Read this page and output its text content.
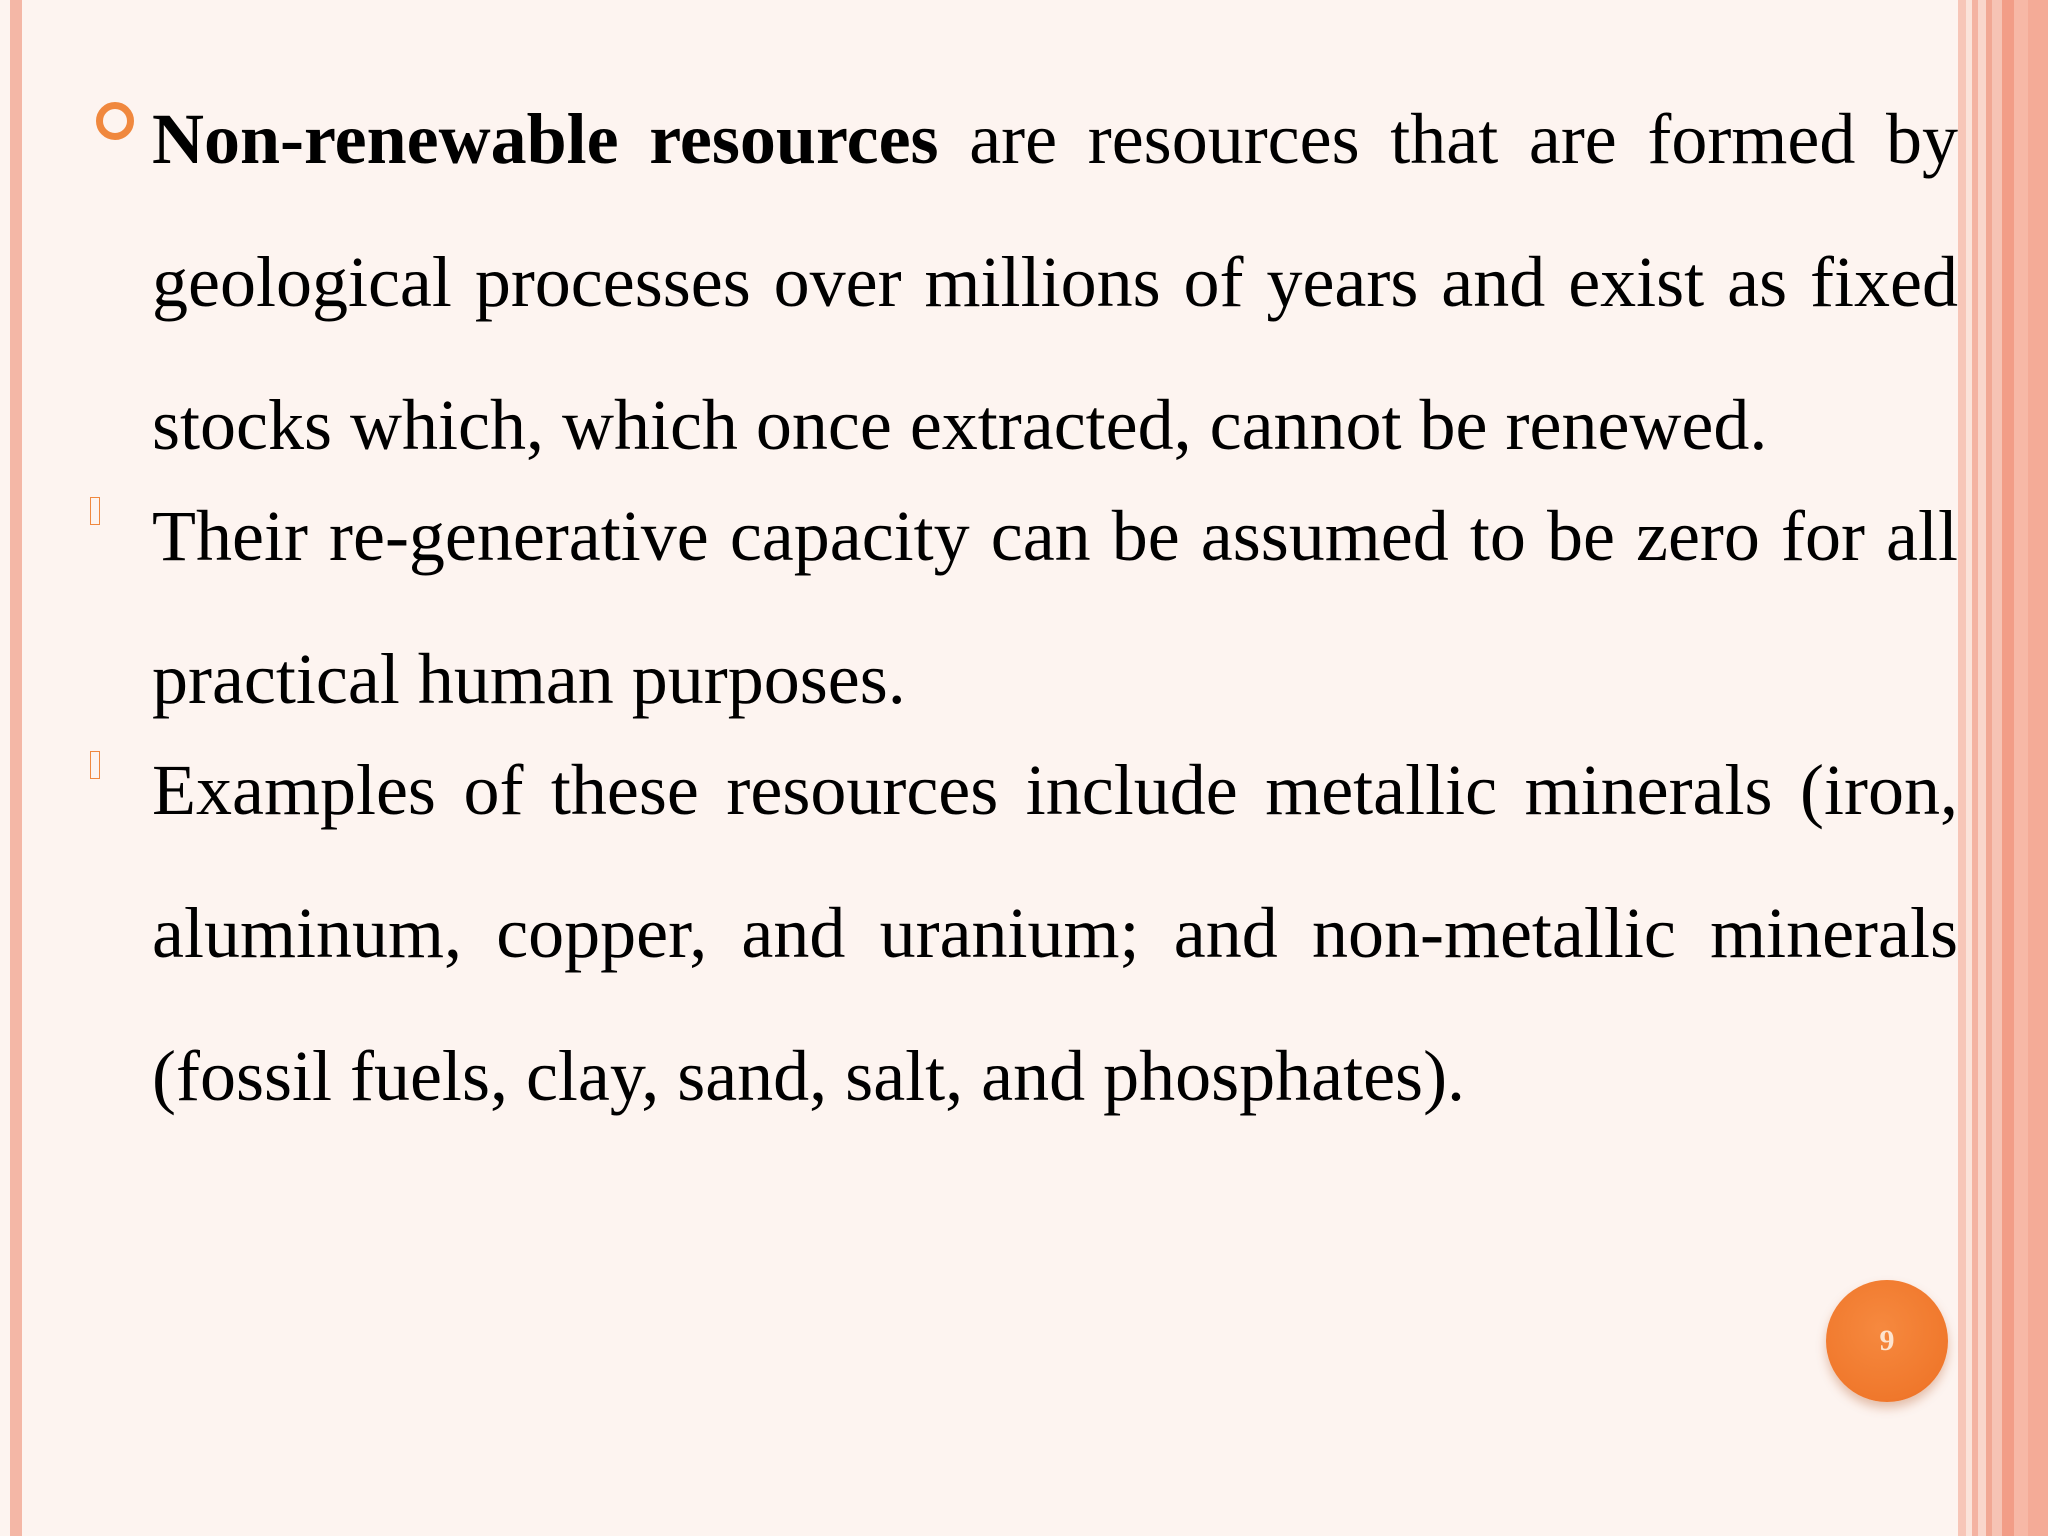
Non-renewable resources are resources that are formed by geological processes over millions of years and exist as fixed stocks which, which once extracted, cannot be renewed.
Their re-generative capacity can be assumed to be zero for all practical human purposes.
Examples of these resources include metallic minerals (iron, aluminum, copper, and uranium; and non-metallic minerals (fossil fuels, clay, sand, salt, and phosphates).
9
